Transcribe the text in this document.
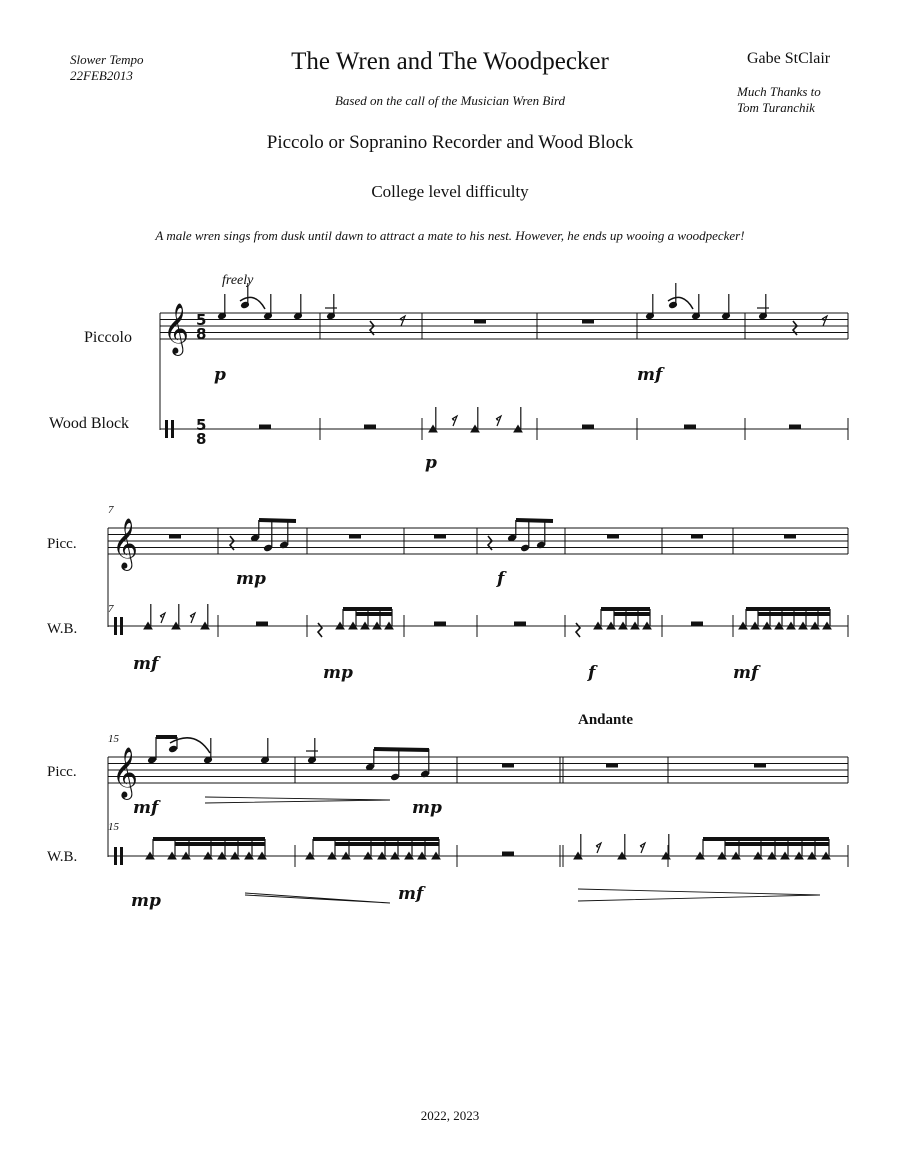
Slower Tempo
22FEB2013
The Wren and The Woodpecker
Based on the call of the Musician Wren Bird
Gabe StClair
Much Thanks to
Tom Turanchik
Piccolo or Sopranino Recorder and Wood Block
College level difficulty
A male wren sings from dusk until dawn to attract a mate to his nest. However, he ends up wooing a woodpecker!
𝄞 5
8
5
8
𝄾	𝄾
𝄾 𝄾
𝄞
𝄾 𝄾
𝄞
𝄾 𝄾
Piccolo
Wood Block
freely
p	mf
p
7
7
Picc.
W.B.
mp	f
mf	mp	f	mf
Andante
15
15
Picc.
W.B.
mf	mp
mp	mf
2022, 2023
